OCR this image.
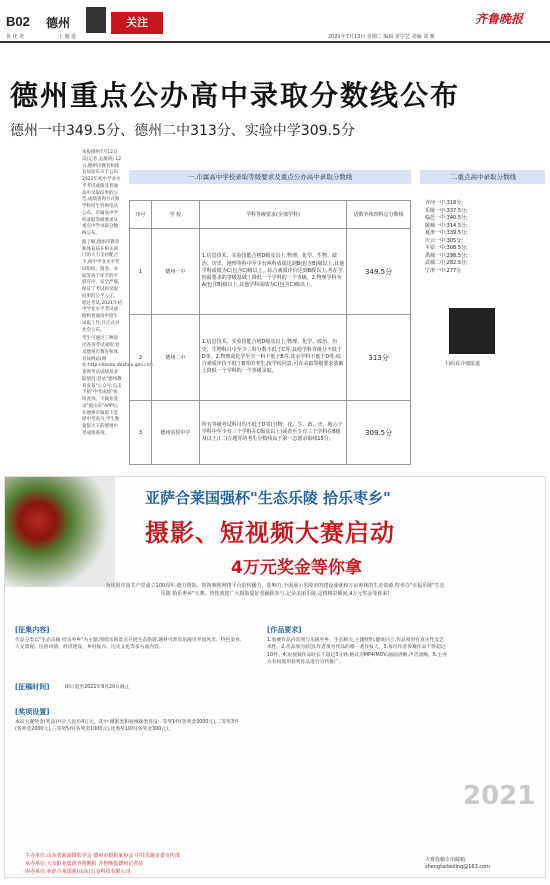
B02 德州	关注
优 化 者	上 题 选
齐鲁晚报
2021年7月13日 星期二 编辑 常学艺 美编 刘 雅
德州重点公办高中录取分数线公布
德州一中349.5分、德州二中313分、实验中学309.5分

本报德州7月12日讯(记者 孟俊鸿) 12日,德州市教育和体育局发布关于公布2021年初中学业水平考试成绩及普通高中录取结果的公告,成绩查询方式和学校招生咨询电话公布。市属高中学校录取等级要求及重点中学录取分数线公布。

据了解,德州市教育和体育局在相关部门的大力支持配合下,初中学业水平考试组织、阅卷、录取等各个环节的平稳有序、安全严谨,保证了考试和录取结果的公平公正。经过考试,2021年初中学业水平考试成绩和普通高中招生录取工作,开正式对社会公布。

考生可通过三种途径查询考试成绩:登录德州市教育和体育局网站(网址:http://dzedu.dezhou.gov.cn/)查询考试成绩及录取情况;登录"德州教育发布"公众号;点击下载"中考成绩"按钮查询。下载并登录"爱山东"APP后,在德州市频道下选择中考查分,学生数量很大下的德州中考成绩查询。

一.市属高中学校录取等级要求及重点公办高中录取分数线	二.重点高中录取分数线
序号	学 校	学科等级要求(全部学科)	语数外体四科总分数线
1	德州一中	1.信息技术、实验技能合格D级及以上;物理、化学、生物、政治、历史、地理等科中至少有两科成绩达到B(包含B)级以上,其他学科成绩为C(包含C)级以上。综合素质评价达到B级以上,考在学校最要求的等级基础上降低一个学科的一个等级。2.物理学科为A(包含B)级以上,其他学科成绩为C(包含C)级以上。	349.5分
2	德州二中	1.信息技术、实验技能合格D级及以上;物理、化学、政治、历史、生物科目中至少三科分数不低于C等,其他学科等级分不低于D等。2.物理或化学至少一科不低于B等,其余学科不低于D等;综合素质评价不低于B等的考生,按学校同意,可在录取等级要求基础上降低一个学科的一个等级录取。	313分
3	德州实验中学	所有等级考试科目均不低于D等(且物、化、生、政、史、地六个学科中至少有三个学科在C级及以上)或者至少有三个学科在B级及以上;(二)左题等的考生分数线高于第一志愿录取线15分。	309.5分
齐河一中:318分;
乐陵一中:337.5分;
临邑一中:340.5分;
陵城一中:314.5分;
夏津一中:339.5分;
庆云一中:305分;
平原一中:308.5分;
禹城一中:298.5分;
武城二中:282.5分;
宁津一中:277分
扫码看详细报道
亚萨合莱国强杯"生态乐陵 拾乐枣乡"
摄影、短视频大赛启动
4万元奖金等你拿
为庆祝中国共产党成立100周年,德力摄影、短视频和网络平台的传播力、影响力,全面展示乐陵市的建设成就和万亩枣林的生态资源,特举办"幸福乐陵"生态乐陵 拾乐枣乡"大赛。热忱欢迎广大摄影爱好者踊跃参与,记录美丽乐陵,定格精彩瞬间,4万元奖金等你来!
[征集内容]
作品分类以"生态乐陵 拾乐枣乡"为主题,围绕乐陵景点开展生态旅游,题材可涉及乐陵市枣园风光、特色美食、人文景观、民俗风情、经济建设、乡村振兴、历史文化等多方面内容。
[征稿时间]	即日起至2021年9月20日截止
[奖项设置]
本次大赛奖金(奖品)共计人民币4万元。其中:摄影类和短视频类各设一等奖1件(各奖金3000元),二等奖3件(各奖金2000元),三等奖5件(各奖金1000元),优秀奖10件(各奖金300元)。
[作品要求]
1.参赛作品内容须与乐陵枣乡、生态相关,主题鲜明,健康向上,作品须时有真实性及艺术性。2.作品须为原创,作者须为作品的唯一著作权人。3.每位作者参赛作品不得超过10件。4.短视频作品时长不超过3分钟,格式为MP4/MOV,画面清晰,声音流畅。5.主办方有权使用获奖作品进行宣传推广。
2021
主办单位:山东省新闻摄影学会 德州市摄影家协会 中共乐陵市委宣传部
承办单位:大众报业集团齐鲁晚报 齐鲁晚报德州记者站
协办单位:亚萨合莱国强(山东)五金科技有限公司
大赛投稿专用邮箱:
shengtailaoling@163.com
